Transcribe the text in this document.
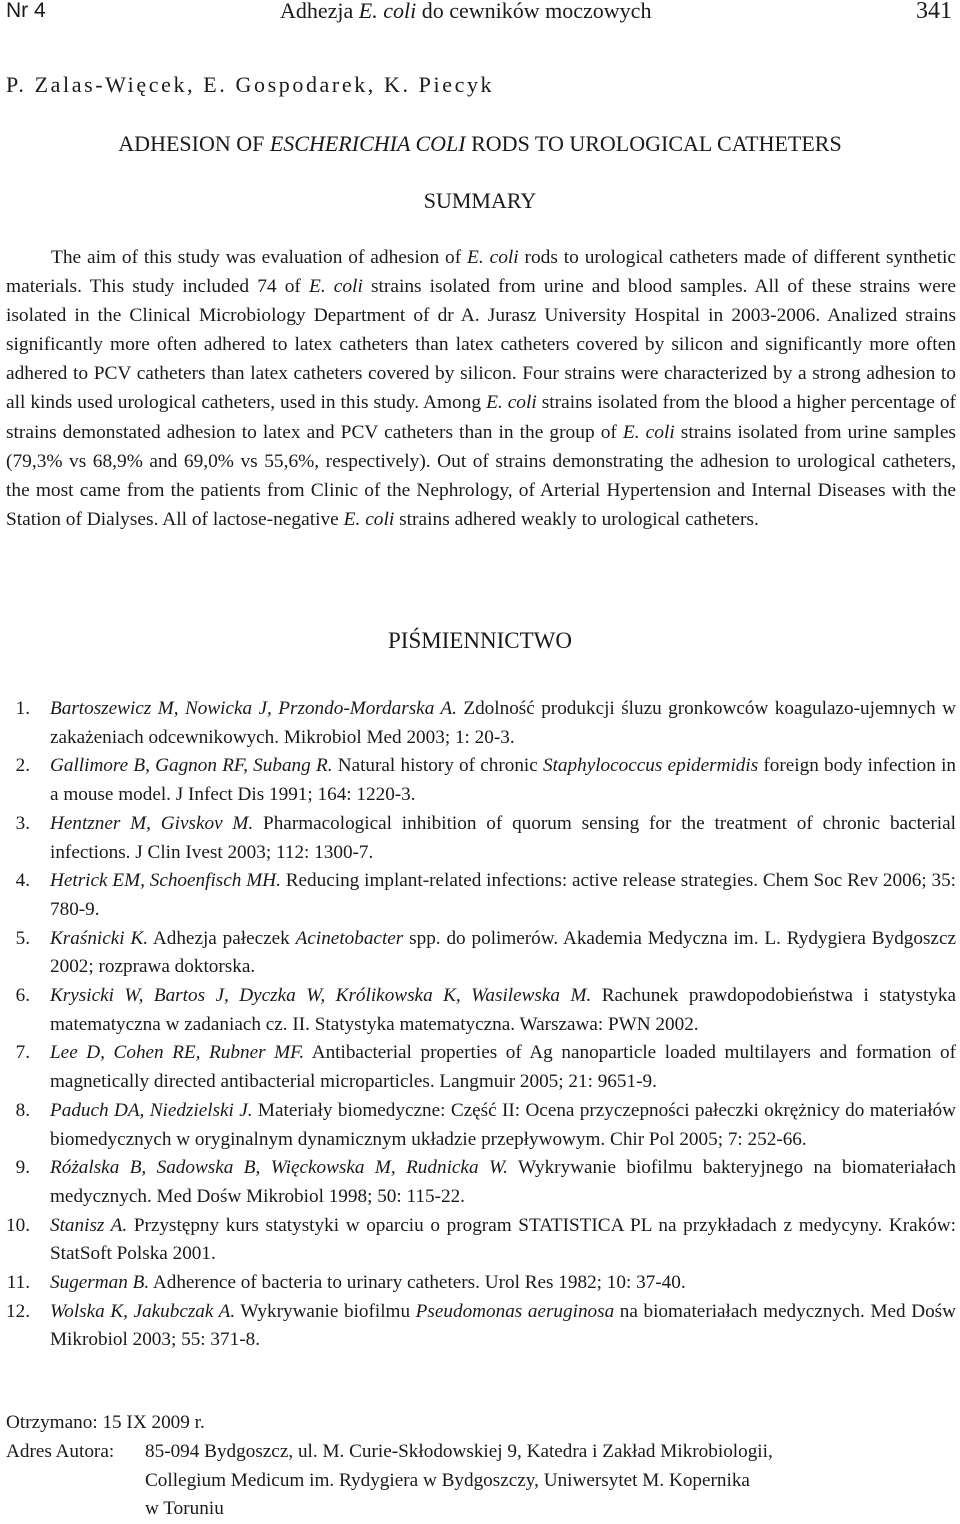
Nr 4	Adhezja E. coli do cewników moczowych	341
P. Zalas-Więcek, E. Gospodarek, K. Piecyk
ADHESION OF ESCHERICHIA COLI RODS TO UROLOGICAL CATHETERS
SUMMARY

The aim of this study was evaluation of adhesion of E. coli rods to urological catheters made of different synthetic materials. This study included 74 of E. coli strains isolated from urine and blood samples. All of these strains were isolated in the Clinical Microbiology Department of dr A. Jurasz University Hospital in 2003-2006. Analized strains significantly more often adhered to latex catheters than latex catheters covered by silicon and significantly more often adhered to PCV catheters than latex catheters covered by silicon. Four strains were characterized by a strong adhesion to all kinds used urological catheters, used in this study. Among E. coli strains isolated from the blood a higher percentage of strains demonstated adhesion to latex and PCV catheters than in the group of E. coli strains isolated from urine samples (79,3% vs 68,9% and 69,0% vs 55,6%, respectively). Out of strains demonstrating the adhesion to urological catheters, the most came from the patients from Clinic of the Nephrology, of Arterial Hypertension and Internal Diseases with the Station of Dialyses. All of lactose-negative E. coli strains adhered weakly to urological catheters.

PIŚMIENNICTWO
1. Bartoszewicz M, Nowicka J, Przondo-Mordarska A. Zdolność produkcji śluzu gronkowców koagulazo-ujemnych w zakażeniach odcewnikowych. Mikrobiol Med 2003; 1: 20-3.
2. Gallimore B, Gagnon RF, Subang R. Natural history of chronic Staphylococcus epidermidis foreign body infection in a mouse model. J Infect Dis 1991; 164: 1220-3.
3. Hentzner M, Givskov M. Pharmacological inhibition of quorum sensing for the treatment of chronic bacterial infections. J Clin Ivest 2003; 112: 1300-7.
4. Hetrick EM, Schoenfisch MH. Reducing implant-related infections: active release strategies. Chem Soc Rev 2006; 35: 780-9.
5. Kraśnicki K. Adhezja pałeczek Acinetobacter spp. do polimerów. Akademia Medyczna im. L. Rydygiera Bydgoszcz 2002; rozprawa doktorska.
6. Krysicki W, Bartos J, Dyczka W, Królikowska K, Wasilewska M. Rachunek prawdopodobieństwa i statystyka matematyczna w zadaniach cz. II. Statystyka matematyczna. Warszawa: PWN 2002.
7. Lee D, Cohen RE, Rubner MF. Antibacterial properties of Ag nanoparticle loaded multilayers and formation of magnetically directed antibacterial microparticles. Langmuir 2005; 21: 9651-9.
8. Paduch DA, Niedzielski J. Materiały biomedyczne: Część II: Ocena przyczepności pałeczki okrężnicy do materiałów biomedycznych w oryginalnym dynamicznym układzie przepływowym. Chir Pol 2005; 7: 252-66.
9. Różalska B, Sadowska B, Więckowska M, Rudnicka W. Wykrywanie biofilmu bakteryjnego na biomateriałach medycznych. Med Dośw Mikrobiol 1998; 50: 115-22.
10. Stanisz A. Przystępny kurs statystyki w oparciu o program STATISTICA PL na przykładach z medycyny. Kraków: StatSoft Polska 2001.
11. Sugerman B. Adherence of bacteria to urinary catheters. Urol Res 1982; 10: 37-40.
12. Wolska K, Jakubczak A. Wykrywanie biofilmu Pseudomonas aeruginosa na biomateriałach medycznych. Med Dośw Mikrobiol 2003; 55: 371-8.
Otrzymano: 15 IX 2009 r.
Adres Autora: 85-094 Bydgoszcz, ul. M. Curie-Skłodowskiej 9, Katedra i Zakład Mikrobiologii,
Collegium Medicum im. Rydygiera w Bydgoszczy, Uniwersytet M. Kopernika
w Toruniu
